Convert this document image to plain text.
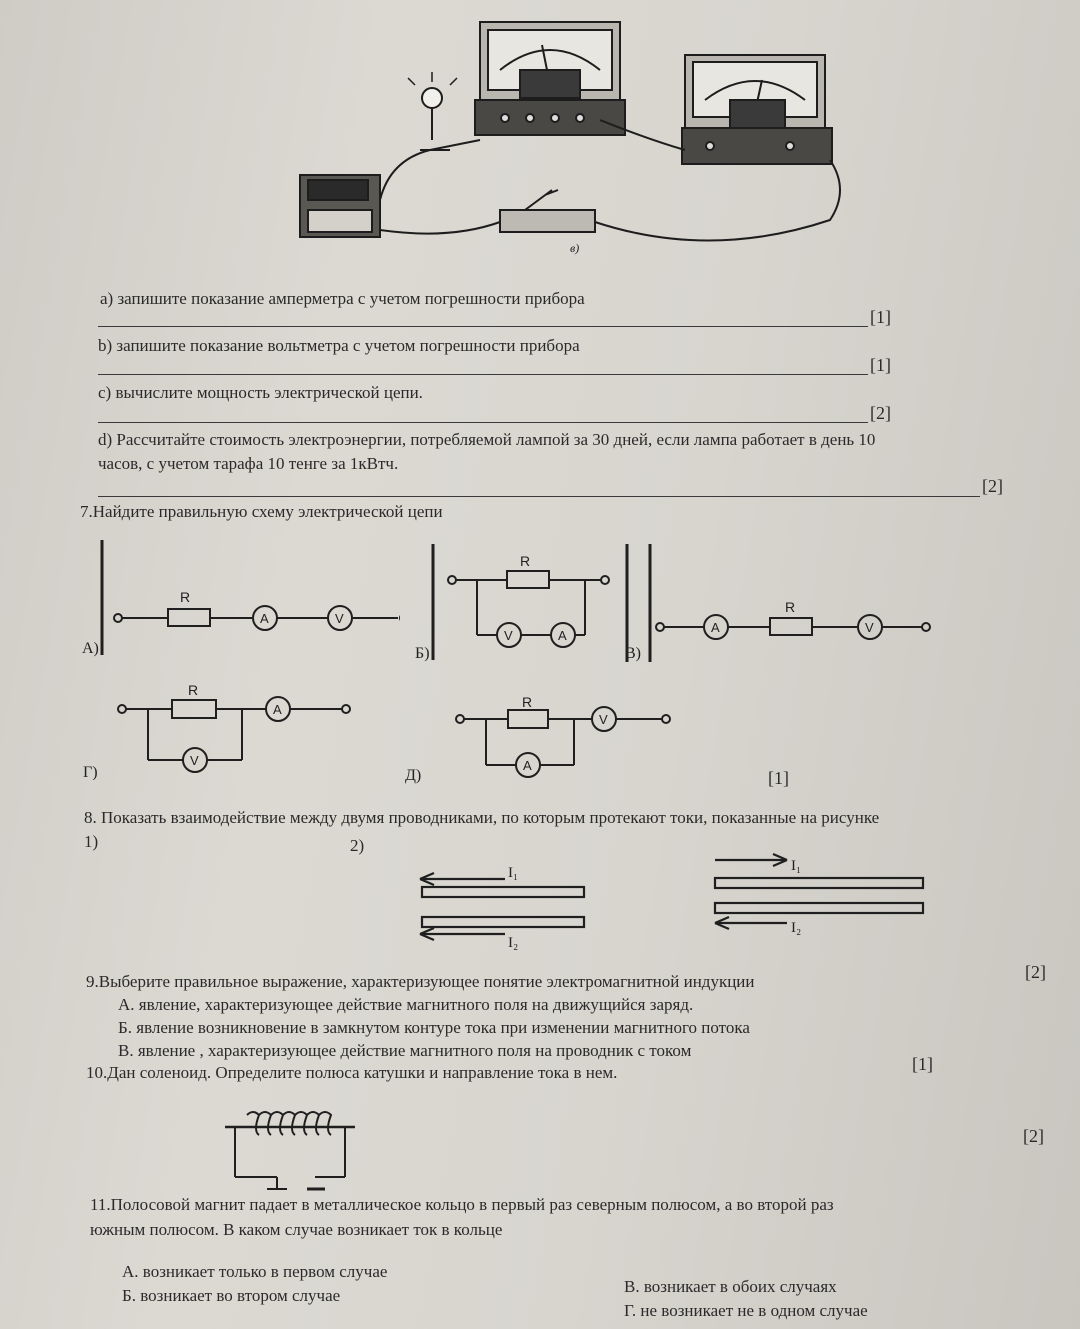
в)
a) запишите показание амперметра с учетом погрешности прибора
[1]
b) запишите показание вольтметра с учетом погрешности прибора
[1]
c) вычислите мощность электрической цепи.
[2]
d) Рассчитайте стоимость электроэнергии, потребляемой лампой за 30 дней, если лампа работает в день 10
часов, с учетом тарафа 10 тенге за 1кВтч.
[2]
7.Найдите правильную схему электрической цепи
R
A	V
А)
R
V	A
Б)
R
A	V
В)
R
A
V
Г)
R
V
A
Д)	[1]
8. Показать взаимодействие между двумя проводниками, по которым протекают токи, показанные на рисунке
1)	2)
I₁
I₂
I₁
I₂
[2]
9.Выберите правильное выражение, характеризующее понятие электромагнитной индукции
А. явление, характеризующее действие магнитного поля на движущийся заряд.
Б. явление возникновение в замкнутом контуре тока при изменении магнитного потока
В. явление , характеризующее действие магнитного поля на проводник с током
[1]
10.Дан соленоид. Определите полюса катушки и направление тока в нем.
[2]
11.Полосовой магнит падает в металлическое кольцо в первый раз северным полюсом, а во второй раз
южным полюсом. В каком случае возникает ток в кольце
А. возникает только в первом случае
Б. возникает во втором случае	В. возникает в обоих случаях
Г. не возникает не в одном случае
